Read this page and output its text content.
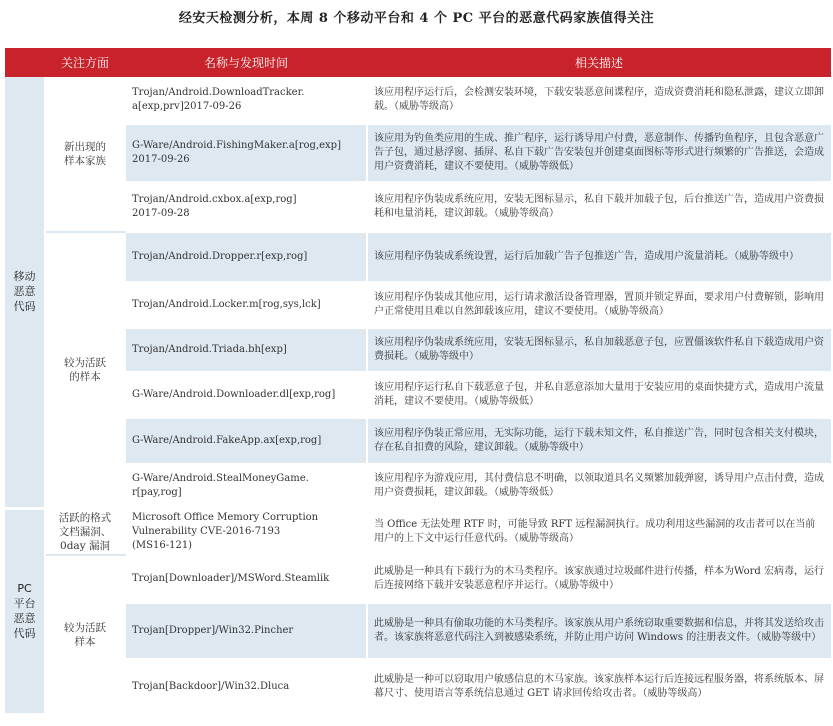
经安天检测分析，本周 8 个移动平台和 4 个 PC 平台的恶意代码家族值得关注
	关注方面	名称与发现时间	相关描述
移动
恶意
代码	新出现的
样本家族	Trojan/Android.DownloadTracker.
a[exp,prv]2017-09-26	该应用程序运行后，会检测安装环境，下载安装恶意间谍程序，造成资费消耗和隐私泄露，建议立即卸载。（威胁等级高）
		G-Ware/Android.FishingMaker.a[rog,exp]
2017-09-26	该应用为钓鱼类应用的生成、推广程序，运行诱导用户付费，恶意制作、传播钓鱼程序，且包含恶意广告子包，通过悬浮窗、插屏、私自下载广告安装包并创建桌面图标等形式进行频繁的广告推送，会造成用户资费消耗，建议不要使用。（威胁等级低）
		Trojan/Android.cxbox.a[exp,rog]
2017-09-28	该应用程序伪装成系统应用，安装无图标显示，私自下载并加载子包，后台推送广告，造成用户资费损耗和电量消耗，建议卸载。（威胁等级高）
	较为活跃
的样本	Trojan/Android.Dropper.r[exp,rog]	该应用程序伪装成系统设置，运行后加载广告子包推送广告，造成用户流量消耗。（威胁等级中）
		Trojan/Android.Locker.m[rog,sys,lck]	该应用程序伪装成其他应用，运行请求激活设备管理器，置顶并锁定界面，要求用户付费解锁，影响用户正常使用且难以自然卸载该应用，建议不要使用。（威胁等级高）
		Trojan/Android.Triada.bh[exp]	该应用程序伪装成系统应用，安装无图标显示，私自加载恶意子包，应置僵该软件私自下载造成用户资费损耗。（威胁等级中）
		G-Ware/Android.Downloader.dl[exp,rog]	该应用程序运行私自下载恶意子包，并私自恶意添加大量用于安装应用的桌面快捷方式，造成用户流量消耗，建议不要使用。（威胁等级低）
		G-Ware/Android.FakeApp.ax[exp,rog]	该应用程序伪装正常应用，无实际功能，运行下载未知文件，私自推送广告，同时包含相关支付模块，存在私自扣费的风险，建议卸载。（威胁等级中）
		G-Ware/Android.StealMoneyGame.
r[pay,rog]	该应用程序为游戏应用，其付费信息不明确，以领取道具名义频繁加载弹窗，诱导用户点击付费，造成用户资费损耗，建议卸载。（威胁等级低）
PC
平台
恶意
代码	活跃的格式
文档漏洞、
0day 漏洞	Microsoft Office Memory Corruption
Vulnerability CVE-2016-7193
(MS16-121)	当 Office 无法处理 RTF 时，可能导致 RFT 远程漏洞执行。成功利用这些漏洞的攻击者可以在当前用户的上下文中运行任意代码。（威胁等级高）
	较为活跃
样本	Trojan[Downloader]/MSWord.Steamlik	此威胁是一种具有下载行为的木马类程序。该家族通过垃圾邮件进行传播，样本为Word 宏病毒，运行后连接网络下载并安装恶意程序并运行。（威胁等级中）
		Trojan[Dropper]/Win32.Pincher	此威胁是一种具有偷取功能的木马类程序。该家族从用户系统窃取重要数据和信息，并将其发送给攻击者。该家族将恶意代码注入到被感染系统，并防止用户访问 Windows 的注册表文件。（威胁等级中）
		Trojan[Backdoor]/Win32.Dluca	此威胁是一种可以窃取用户敏感信息的木马家族。该家族样本运行后连接远程服务器，将系统版本、屏幕尺寸、使用语言等系统信息通过 GET 请求回传给攻击者。（威胁等级高）
